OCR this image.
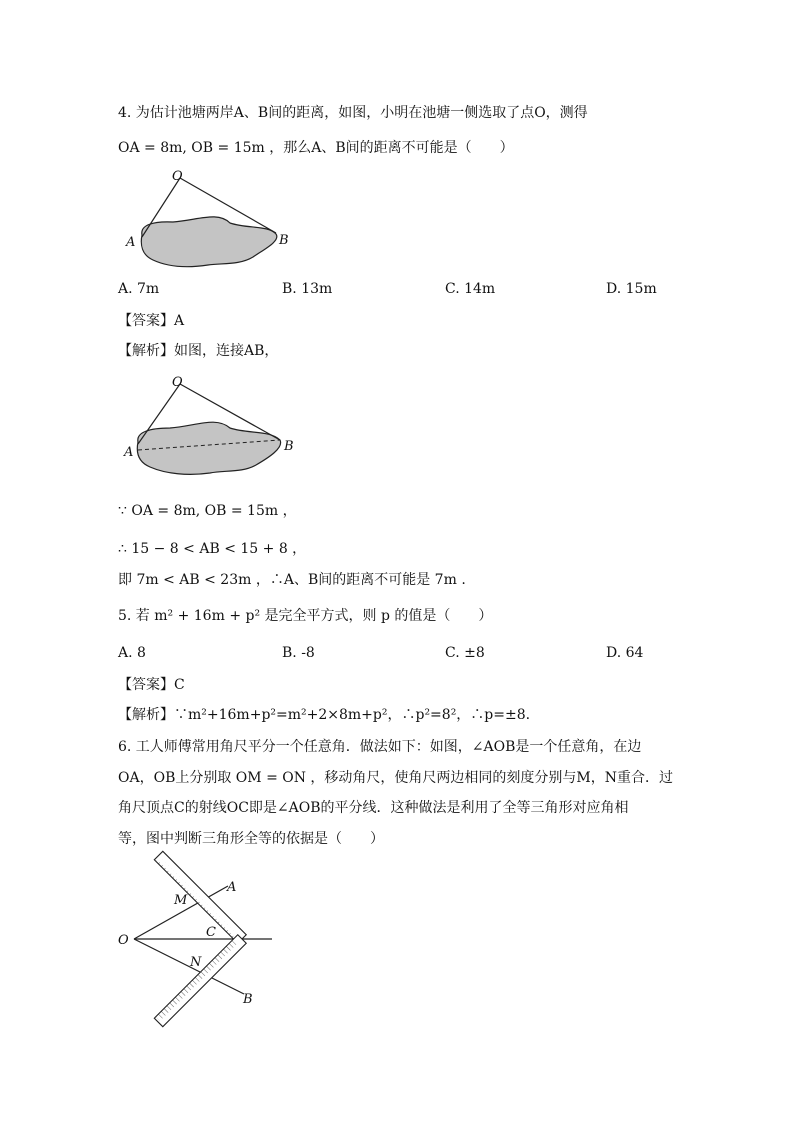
4. 为估计池塘两岸A、B间的距离，如图，小明在池塘一侧选取了点O，测得
OA = 8m, OB = 15m ，那么A、B间的距离不可能是（　　）
O
A	B
A. 7m	B. 13m	C. 14m	D. 15m
【答案】A
【解析】如图，连接AB，
O
A	B
∵ OA = 8m, OB = 15m ，
∴ 15 − 8 < AB < 15 + 8 ，
即 7m < AB < 23m ，∴A、B间的距离不可能是 7m .
5. 若 m² + 16m + p² 是完全平方式，则 p 的值是（　　）
A. 8	B. -8	C. ±8	D. 64
【答案】C
【解析】∵m²+16m+p²=m²+2×8m+p²，∴p²=8²，∴p=±8.
6. 工人师傅常用角尺平分一个任意角．做法如下：如图，∠AOB是一个任意角，在边
OA，OB上分别取 OM = ON ，移动角尺，使角尺两边相同的刻度分别与M，N重合．过
角尺顶点C的射线OC即是∠AOB的平分线．这种做法是利用了全等三角形对应角相
等，图中判断三角形全等的依据是（　　）
O
A
B
C
M
N
